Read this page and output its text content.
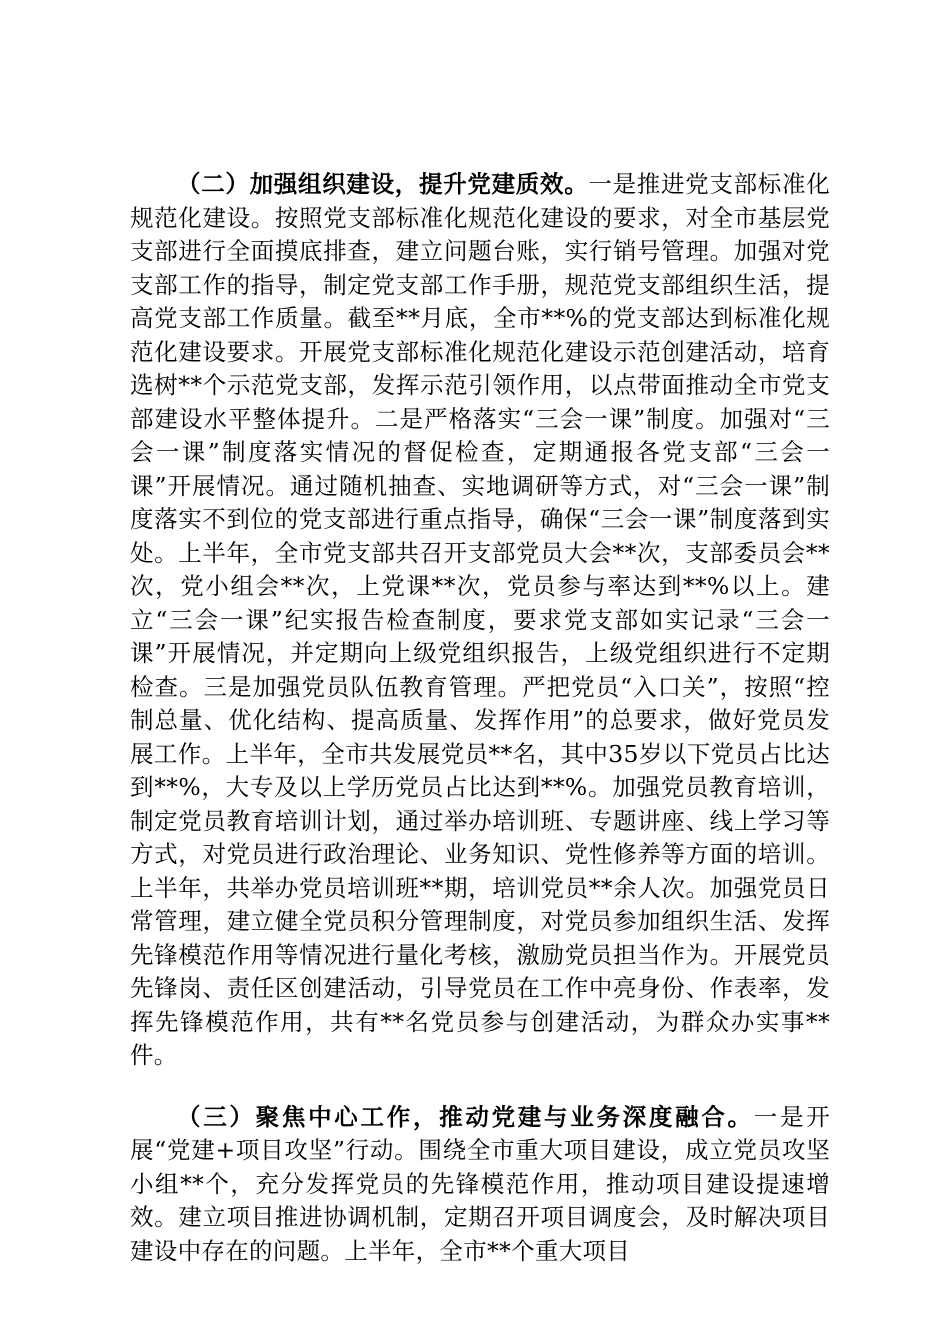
（二）加强组织建设，提升党建质效。一是推进党支部标准化规范化建设。按照党支部标准化规范化建设的要求，对全市基层党支部进行全面摸底排查，建立问题台账，实行销号管理。加强对党支部工作的指导，制定党支部工作手册，规范党支部组织生活，提高党支部工作质量。截至**月底，全市**%的党支部达到标准化规范化建设要求。开展党支部标准化规范化建设示范创建活动，培育选树**个示范党支部，发挥示范引领作用，以点带面推动全市党支部建设水平整体提升。二是严格落实“三会一课”制度。加强对“三会一课”制度落实情况的督促检查，定期通报各党支部“三会一课”开展情况。通过随机抽查、实地调研等方式，对“三会一课”制度落实不到位的党支部进行重点指导，确保“三会一课”制度落到实处。上半年，全市党支部共召开支部党员大会**次，支部委员会**次，党小组会**次，上党课**次，党员参与率达到**%以上。建立“三会一课”纪实报告检查制度，要求党支部如实记录“三会一课”开展情况，并定期向上级党组织报告，上级党组织进行不定期检查。三是加强党员队伍教育管理。严把党员“入口关”，按照“控制总量、优化结构、提高质量、发挥作用”的总要求，做好党员发展工作。上半年，全市共发展党员**名，其中35岁以下党员占比达到**%，大专及以上学历党员占比达到**%。加强党员教育培训，制定党员教育培训计划，通过举办培训班、专题讲座、线上学习等方式，对党员进行政治理论、业务知识、党性修养等方面的培训。上半年，共举办党员培训班**期，培训党员**余人次。加强党员日常管理，建立健全党员积分管理制度，对党员参加组织生活、发挥先锋模范作用等情况进行量化考核，激励党员担当作为。开展党员先锋岗、责任区创建活动，引导党员在工作中亮身份、作表率，发挥先锋模范作用，共有**名党员参与创建活动，为群众办实事**件。

（三）聚焦中心工作，推动党建与业务深度融合。一是开展“党建+项目攻坚”行动。围绕全市重大项目建设，成立党员攻坚小组**个，充分发挥党员的先锋模范作用，推动项目建设提速增效。建立项目推进协调机制，定期召开项目调度会，及时解决项目建设中存在的问题。上半年，全市**个重大项目
